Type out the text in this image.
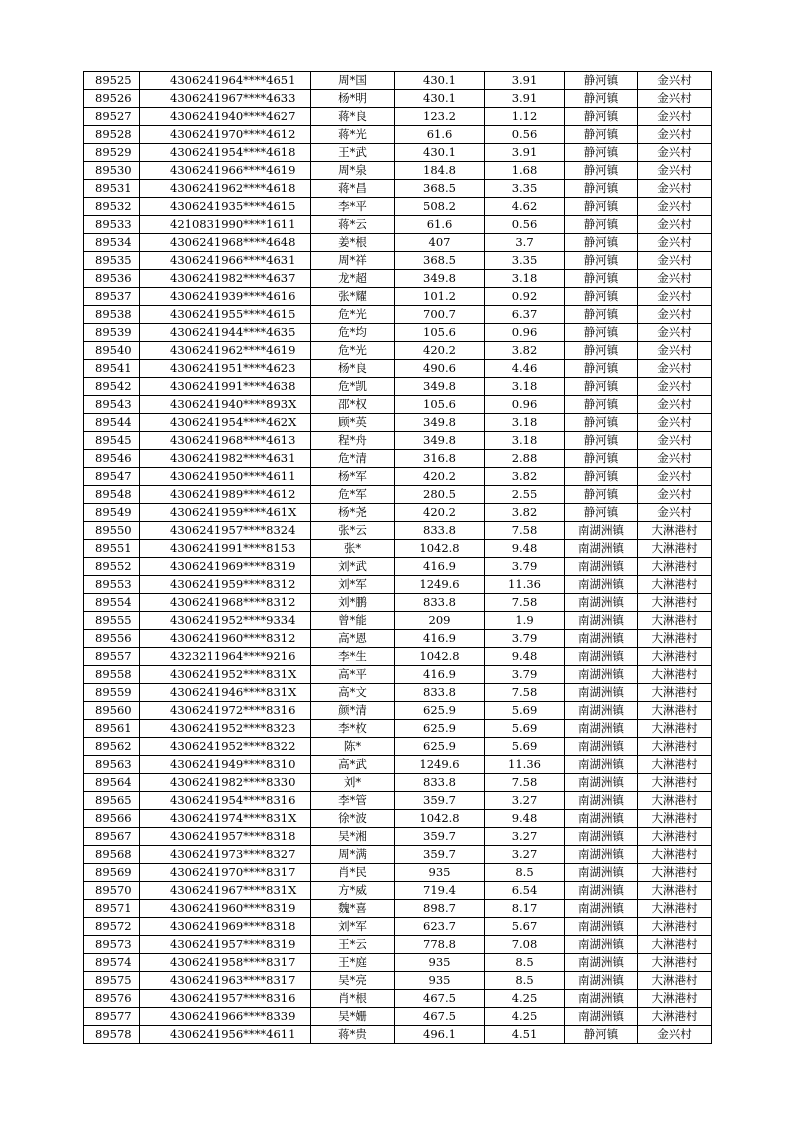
89525	4306241964****4651	周*国	430.1	3.91	静河镇	金兴村
89526	4306241967****4633	杨*明	430.1	3.91	静河镇	金兴村
89527	4306241940****4627	蒋*良	123.2	1.12	静河镇	金兴村
89528	4306241970****4612	蒋*光	61.6	0.56	静河镇	金兴村
89529	4306241954****4618	王*武	430.1	3.91	静河镇	金兴村
89530	4306241966****4619	周*泉	184.8	1.68	静河镇	金兴村
89531	4306241962****4618	蒋*昌	368.5	3.35	静河镇	金兴村
89532	4306241935****4615	李*平	508.2	4.62	静河镇	金兴村
89533	4210831990****1611	蒋*云	61.6	0.56	静河镇	金兴村
89534	4306241968****4648	姜*根	407	3.7	静河镇	金兴村
89535	4306241966****4631	周*祥	368.5	3.35	静河镇	金兴村
89536	4306241982****4637	龙*超	349.8	3.18	静河镇	金兴村
89537	4306241939****4616	张*耀	101.2	0.92	静河镇	金兴村
89538	4306241955****4615	危*光	700.7	6.37	静河镇	金兴村
89539	4306241944****4635	危*均	105.6	0.96	静河镇	金兴村
89540	4306241962****4619	危*光	420.2	3.82	静河镇	金兴村
89541	4306241951****4623	杨*良	490.6	4.46	静河镇	金兴村
89542	4306241991****4638	危*凯	349.8	3.18	静河镇	金兴村
89543	4306241940****893X	邵*权	105.6	0.96	静河镇	金兴村
89544	4306241954****462X	顾*英	349.8	3.18	静河镇	金兴村
89545	4306241968****4613	程*舟	349.8	3.18	静河镇	金兴村
89546	4306241982****4631	危*清	316.8	2.88	静河镇	金兴村
89547	4306241950****4611	杨*军	420.2	3.82	静河镇	金兴村
89548	4306241989****4612	危*军	280.5	2.55	静河镇	金兴村
89549	4306241959****461X	杨*尧	420.2	3.82	静河镇	金兴村
89550	4306241957****8324	张*云	833.8	7.58	南湖洲镇	大淋港村
89551	4306241991****8153	张*	1042.8	9.48	南湖洲镇	大淋港村
89552	4306241969****8319	刘*武	416.9	3.79	南湖洲镇	大淋港村
89553	4306241959****8312	刘*军	1249.6	11.36	南湖洲镇	大淋港村
89554	4306241968****8312	刘*鹏	833.8	7.58	南湖洲镇	大淋港村
89555	4306241952****9334	曾*能	209	1.9	南湖洲镇	大淋港村
89556	4306241960****8312	高*恩	416.9	3.79	南湖洲镇	大淋港村
89557	4323211964****9216	李*生	1042.8	9.48	南湖洲镇	大淋港村
89558	4306241952****831X	高*平	416.9	3.79	南湖洲镇	大淋港村
89559	4306241946****831X	高*文	833.8	7.58	南湖洲镇	大淋港村
89560	4306241972****8316	颜*清	625.9	5.69	南湖洲镇	大淋港村
89561	4306241952****8323	李*枚	625.9	5.69	南湖洲镇	大淋港村
89562	4306241952****8322	陈*	625.9	5.69	南湖洲镇	大淋港村
89563	4306241949****8310	高*武	1249.6	11.36	南湖洲镇	大淋港村
89564	4306241982****8330	刘*	833.8	7.58	南湖洲镇	大淋港村
89565	4306241954****8316	李*管	359.7	3.27	南湖洲镇	大淋港村
89566	4306241974****831X	徐*波	1042.8	9.48	南湖洲镇	大淋港村
89567	4306241957****8318	吴*湘	359.7	3.27	南湖洲镇	大淋港村
89568	4306241973****8327	周*满	359.7	3.27	南湖洲镇	大淋港村
89569	4306241970****8317	肖*民	935	8.5	南湖洲镇	大淋港村
89570	4306241967****831X	方*威	719.4	6.54	南湖洲镇	大淋港村
89571	4306241960****8319	魏*喜	898.7	8.17	南湖洲镇	大淋港村
89572	4306241969****8318	刘*军	623.7	5.67	南湖洲镇	大淋港村
89573	4306241957****8319	王*云	778.8	7.08	南湖洲镇	大淋港村
89574	4306241958****8317	王*庭	935	8.5	南湖洲镇	大淋港村
89575	4306241963****8317	吴*亮	935	8.5	南湖洲镇	大淋港村
89576	4306241957****8316	肖*根	467.5	4.25	南湖洲镇	大淋港村
89577	4306241966****8339	吴*姗	467.5	4.25	南湖洲镇	大淋港村
89578	4306241956****4611	蒋*贵	496.1	4.51	静河镇	金兴村
